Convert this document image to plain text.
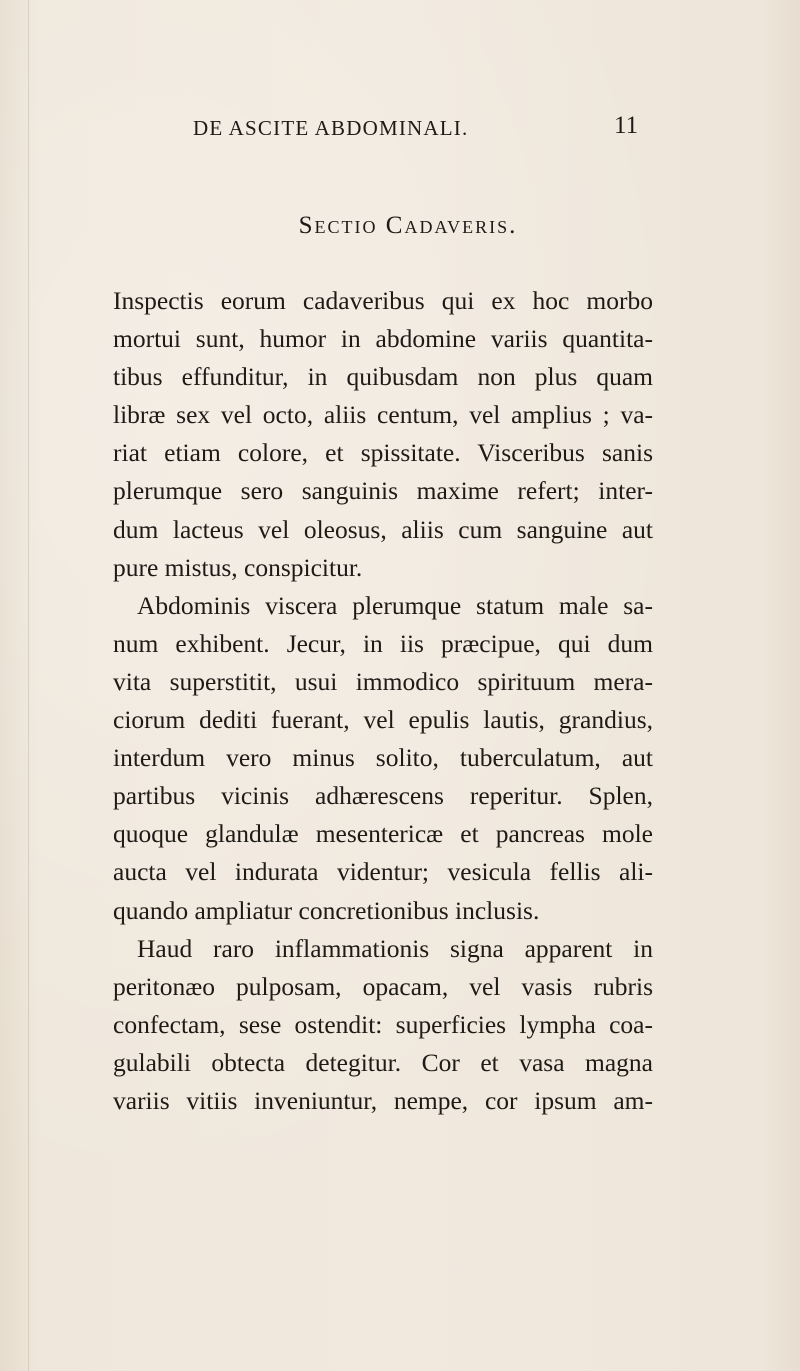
DE ASCITE ABDOMINALI.	11
Sectio Cadaveris.
Inspectis eorum cadaveribus qui ex hoc morbo
mortui sunt, humor in abdomine variis quantita-
tibus effunditur, in quibusdam non plus quam
libræ sex vel octo, aliis centum, vel amplius ; va-
riat etiam colore, et spissitate. Visceribus sanis
plerumque sero sanguinis maxime refert; inter-
dum lacteus vel oleosus, aliis cum sanguine aut
pure mistus, conspicitur.
Abdominis viscera plerumque statum male sa-
num exhibent. Jecur, in iis præcipue, qui dum
vita superstitit, usui immodico spirituum mera-
ciorum dediti fuerant, vel epulis lautis, grandius,
interdum vero minus solito, tuberculatum, aut
partibus vicinis adhærescens reperitur. Splen,
quoque glandulæ mesentericæ et pancreas mole
aucta vel indurata videntur; vesicula fellis ali-
quando ampliatur concretionibus inclusis.
Haud raro inflammationis signa apparent in
peritonæo pulposam, opacam, vel vasis rubris
confectam, sese ostendit: superficies lympha coa-
gulabili obtecta detegitur. Cor et vasa magna
variis vitiis inveniuntur, nempe, cor ipsum am-
